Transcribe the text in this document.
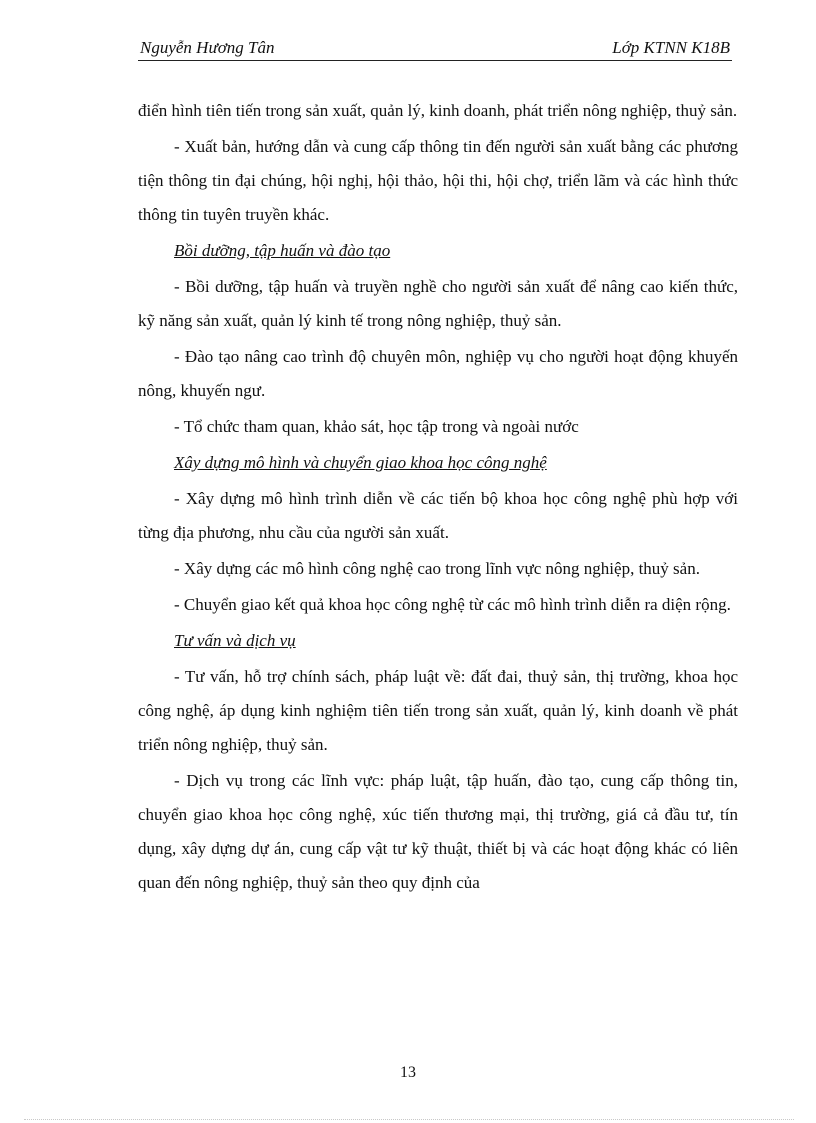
Nguyễn Hương Tân	Lớp KTNN K18B

điển hình tiên tiến trong sản xuất, quản lý, kinh doanh, phát triển nông nghiệp, thuỷ sản.

- Xuất bản, hướng dẫn và cung cấp thông tin đến người sản xuất bằng các phương tiện thông tin đại chúng, hội nghị, hội thảo, hội thi, hội chợ, triển lãm và các hình thức thông tin tuyên truyền khác.

Bồi dưỡng, tập huấn và đào tạo

- Bồi dưỡng, tập huấn và truyền nghề cho người sản xuất để nâng cao kiến thức, kỹ năng sản xuất, quản lý kinh tế trong nông nghiệp, thuỷ sản.

- Đào tạo nâng cao trình độ chuyên môn, nghiệp vụ cho người hoạt động khuyến nông, khuyến ngư.

- Tổ chức tham quan, khảo sát, học tập trong và ngoài nước

Xây dựng mô hình và chuyển giao khoa học công nghệ

- Xây dựng mô hình trình diễn về các tiến bộ khoa học công nghệ phù hợp với từng địa phương, nhu cầu của người sản xuất.

- Xây dựng các mô hình công nghệ cao trong lĩnh vực nông nghiệp, thuỷ sản.

- Chuyển giao kết quả khoa học công nghệ từ các mô hình trình diễn ra diện rộng.

Tư vấn và dịch vụ

- Tư vấn, hỗ trợ chính sách, pháp luật về: đất đai, thuỷ sản, thị trường, khoa học công nghệ, áp dụng kinh nghiệm tiên tiến trong sản xuất, quản lý, kinh doanh về phát triển nông nghiệp, thuỷ sản.

- Dịch vụ trong các lĩnh vực: pháp luật, tập huấn, đào tạo, cung cấp thông tin, chuyển giao khoa học công nghệ, xúc tiến thương mại, thị trường, giá cả đầu tư, tín dụng, xây dựng dự án, cung cấp vật tư kỹ thuật, thiết bị và các hoạt động khác có liên quan đến nông nghiệp, thuỷ sản theo quy định của

13
